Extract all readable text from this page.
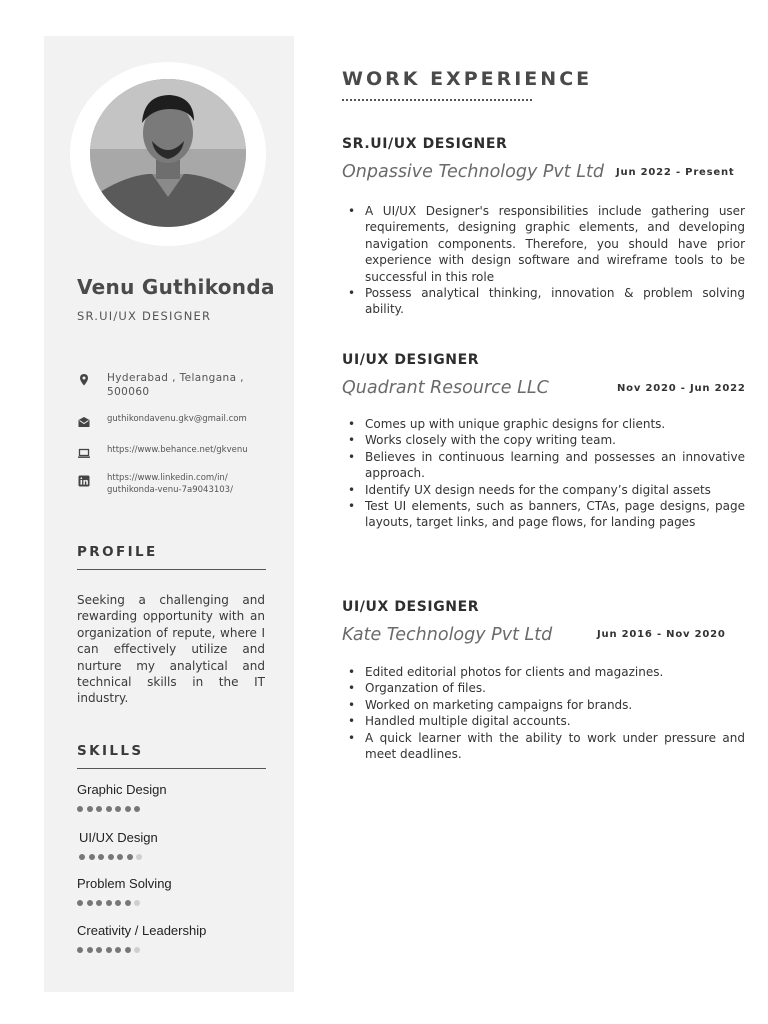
Venu Guthikonda
SR.UI/UX DESIGNER
Hyderabad , Telangana , 500060
guthikondavenu.gkv@gmail.com
https://www.behance.net/gkvenu
https://www.linkedin.com/in/ guthikonda-venu-7a9043103/
PROFILE
Seeking a challenging and rewarding opportunity with an organization of repute, where I can effectively utilize and nurture my analytical and technical skills in the IT industry.
SKILLS
Graphic Design
UI/UX Design
Problem Solving
Creativity / Leadership
WORK EXPERIENCE
SR.UI/UX DESIGNER
Onpassive Technology Pvt Ltd Jun 2022 - Present
• A UI/UX Designer's responsibilities include gathering user requirements, designing graphic elements, and developing navigation components. Therefore, you should have prior experience with design software and wireframe tools to be successful in this role
• Possess analytical thinking, innovation & problem solving ability.
UI/UX DESIGNER
Quadrant Resource LLC	Nov 2020 - Jun 2022
• Comes up with unique graphic designs for clients.
• Works closely with the copy writing team.
• Believes in continuous learning and possesses an innovative approach.
• Identify UX design needs for the company’s digital assets
• Test UI elements, such as banners, CTAs, page designs, page layouts, target links, and page flows, for landing pages
UI/UX DESIGNER
Kate Technology Pvt Ltd	Jun 2016 - Nov 2020
• Edited editorial photos for clients and magazines.
• Organzation of files.
• Worked on marketing campaigns for brands.
• Handled multiple digital accounts.
• A quick learner with the ability to work under pressure and meet deadlines.
